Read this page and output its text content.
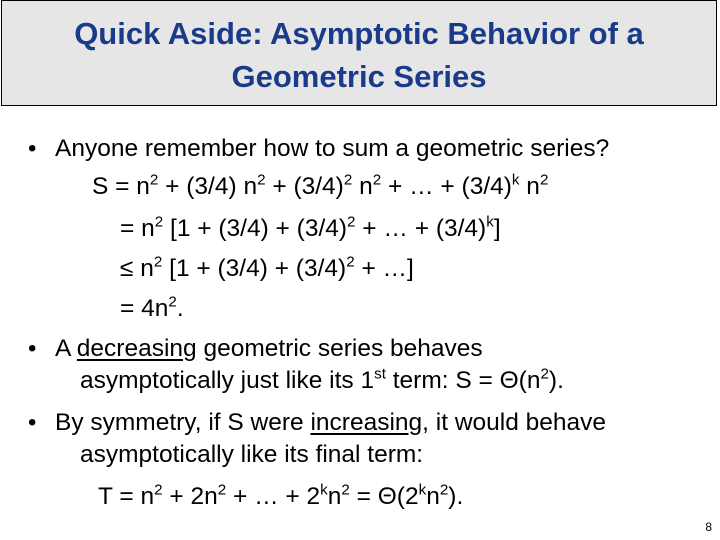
Quick Aside: Asymptotic Behavior of a
Geometric Series
• Anyone remember how to sum a geometric series?
$S = n^2 + (3/4) n^2 + (3/4)^2$ $n^2$ + … + $(3/4)^k$ $n^2$
= $n^2$ [$1 + (3/4) + (3/4)^2$ + … + $(3/4)^k$]
≤ $n^2$ [$1 + (3/4) + (3/4)^2$ + …]
= $4n^2$.
• A decreasing geometric series behaves
asymptotically just like its 1st term: $S = \Theta(n^2)$.
• By symmetry, if S were increasing, it would behave
asymptotically like its final term:
$T = n^2 + 2n^2$ + … + $2^kn^2 = \Theta(2^kn^2)$.
8
